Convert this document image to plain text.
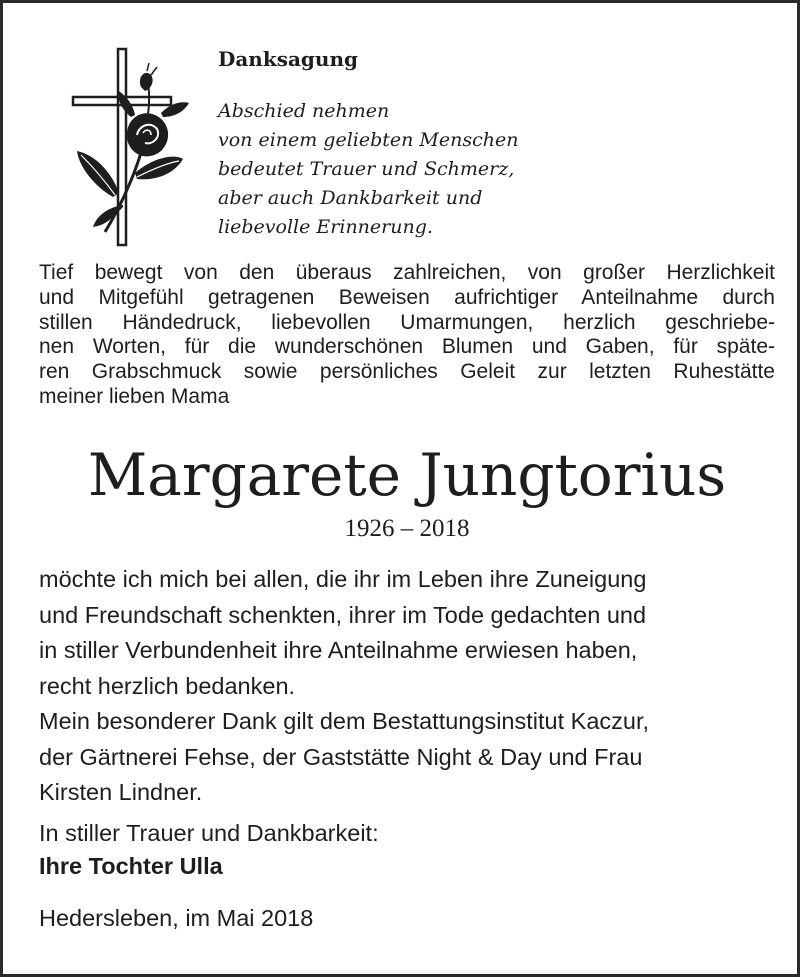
Danksagung
Abschied nehmen
von einem geliebten Menschen
bedeutet Trauer und Schmerz,
aber auch Dankbarkeit und
liebevolle Erinnerung.
Tief bewegt von den überaus zahlreichen, von großer Herzlichkeit
und Mitgefühl getragenen Beweisen aufrichtiger Anteilnahme durch
stillen Händedruck, liebevollen Umarmungen, herzlich geschriebe-
nen Worten, für die wunderschönen Blumen und Gaben, für späte-
ren Grabschmuck sowie persönliches Geleit zur letzten Ruhestätte
meiner lieben Mama
Margarete Jungtorius
1926 – 2018
möchte ich mich bei allen, die ihr im Leben ihre Zuneigung
und Freundschaft schenkten, ihrer im Tode gedachten und
in stiller Verbundenheit ihre Anteilnahme erwiesen haben,
recht herzlich bedanken.
Mein besonderer Dank gilt dem Bestattungsinstitut Kaczur,
der Gärtnerei Fehse, der Gaststätte Night & Day und Frau
Kirsten Lindner.
In stiller Trauer und Dankbarkeit:
Ihre Tochter Ulla
Hedersleben, im Mai 2018
